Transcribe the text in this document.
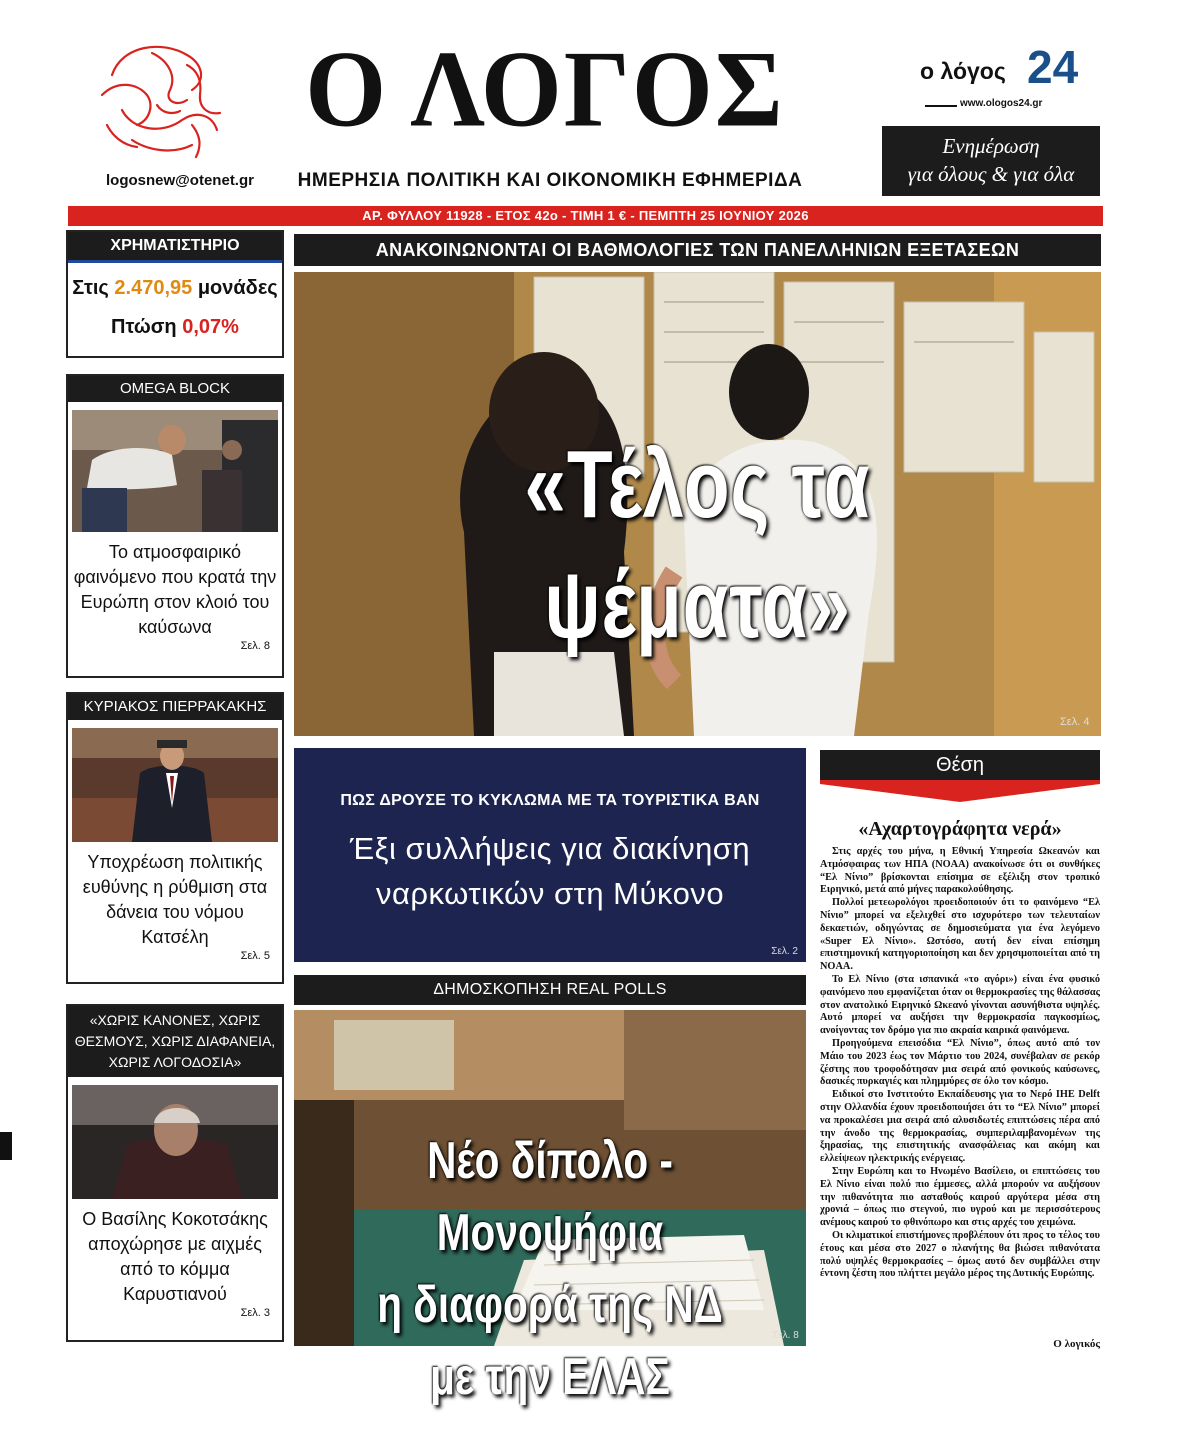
logosnew@otenet.gr
Ο ΛΟΓΟΣ
ΗΜΕΡΗΣΙΑ ΠΟΛΙΤΙΚΗ ΚΑΙ ΟΙΚΟΝΟΜΙΚΗ ΕΦΗΜΕΡΙΔΑ
ο λόγος 24
www.ologos24.gr
Ενημέρωση
για όλους & για όλα
ΑΡ. ΦΥΛΛΟΥ 11928 - ΕΤΟΣ 42ο - ΤΙΜΗ 1 € - ΠΕΜΠΤΗ 25 ΙΟΥΝΙΟΥ 2026
ΧΡΗΜΑΤΙΣΤΗΡΙΟ
Στις 2.470,95 μονάδες
Πτώση 0,07%
OMEGA BLOCK
Το ατμοσφαιρικό φαινόμενο που κρατά την Ευρώπη στον κλοιό του καύσωνα
Σελ. 8
ΚΥΡΙΑΚΟΣ ΠΙΕΡΡΑΚΑΚΗΣ
Υποχρέωση πολιτικής ευθύνης η ρύθμιση στα δάνεια του νόμου Κατσέλη
Σελ. 5
«ΧΩΡΙΣ ΚΑΝΟΝΕΣ, ΧΩΡΙΣ ΘΕΣΜΟΥΣ, ΧΩΡΙΣ ΔΙΑΦΑΝΕΙΑ, ΧΩΡΙΣ ΛΟΓΟΔΟΣΙΑ»
Ο Βασίλης Κοκοτσάκης αποχώρησε με αιχμές από το κόμμα Καρυστιανού
Σελ. 3
ΑΝΑΚΟΙΝΩΝΟΝΤΑΙ ΟΙ ΒΑΘΜΟΛΟΓΙΕΣ ΤΩΝ ΠΑΝΕΛΛΗΝΙΩΝ ΕΞΕΤΑΣΕΩΝ
«Τέλος τα ψέματα»
Σελ. 4
ΠΩΣ ΔΡΟΥΣΕ ΤΟ ΚΥΚΛΩΜΑ ΜΕ ΤΑ ΤΟΥΡΙΣΤΙΚΑ ΒΑΝ
Έξι συλλήψεις για διακίνηση
ναρκωτικών στη Μύκονο
Σελ. 2
ΔΗΜΟΣΚΟΠΗΣΗ REAL POLLS
Νέο δίπολο - Μονοψήφια
η διαφορά της ΝΔ με την ΕΛΑΣ
Σελ. 8
Θέση
«Αχαρτογράφητα νερά»

Στις αρχές του μήνα, η Εθνική Υπηρεσία Ωκεανών και Ατμόσφαιρας των ΗΠΑ (NOAA) ανακοίνωσε ότι οι συνθήκες “Ελ Νίνιο” βρίσκονται επίσημα σε εξέλιξη στον τροπικό Ειρηνικό, μετά από μήνες παρακολούθησης.

Πολλοί μετεωρολόγοι προειδοποιούν ότι το φαινόμενο “Ελ Νίνιο” μπορεί να εξελιχθεί στο ισχυρότερο των τελευταίων δεκαετιών, οδηγώντας σε δημοσιεύματα για ένα λεγόμενο «Super Ελ Νίνιο». Ωστόσο, αυτή δεν είναι επίσημη επιστημονική κατηγοριοποίηση και δεν χρησιμοποιείται από τη NOAA.

Το Ελ Νίνιο (στα ισπανικά «το αγόρι») είναι ένα φυσικό φαινόμενο που εμφανίζεται όταν οι θερμοκρασίες της θάλασσας στον ανατολικό Ειρηνικό Ωκεανό γίνονται ασυνήθιστα υψηλές. Αυτό μπορεί να αυξήσει την θερμοκρασία παγκοσμίως, ανοίγοντας τον δρόμο για πιο ακραία καιρικά φαινόμενα.

Προηγούμενα επεισόδια “Ελ Νίνιο”, όπως αυτό από τον Μάιο του 2023 έως τον Μάρτιο του 2024, συνέβαλαν σε ρεκόρ ζέστης που τροφοδότησαν μια σειρά από φονικούς καύσωνες, δασικές πυρκαγιές και πλημμύρες σε όλο τον κόσμο.

Ειδικοί στο Ινστιτούτο Εκπαίδευσης για το Νερό IHE Delft στην Ολλανδία έχουν προειδοποιήσει ότι το “Ελ Νίνιο” μπορεί να προκαλέσει μια σειρά από αλυσιδωτές επιπτώσεις πέρα από την άνοδο της θερμοκρασίας, συμπεριλαμβανομένων της ξηρασίας, της επιστητικής ανασφάλειας και ακόμη και ελλείψεων ηλεκτρικής ενέργειας.

Στην Ευρώπη και το Ηνωμένο Βασίλειο, οι επιπτώσεις του Ελ Νίνιο είναι πολύ πιο έμμεσες, αλλά μπορούν να αυξήσουν την πιθανότητα πιο ασταθούς καιρού αργότερα μέσα στη χρονιά – όπως πιο στεγνού, πιο υγρού και με περισσότερους ανέμους καιρού το φθινόπωρο και στις αρχές του χειμώνα.

Οι κλιματικοί επιστήμονες προβλέπουν ότι προς το τέλος του έτους και μέσα στο 2027 ο πλανήτης θα βιώσει πιθανότατα πολύ υψηλές θερμοκρασίες – όμως αυτό δεν συμβάλλει στην έντονη ζέστη που πλήττει μεγάλο μέρος της Δυτικής Ευρώπης.

Ο λογικός
